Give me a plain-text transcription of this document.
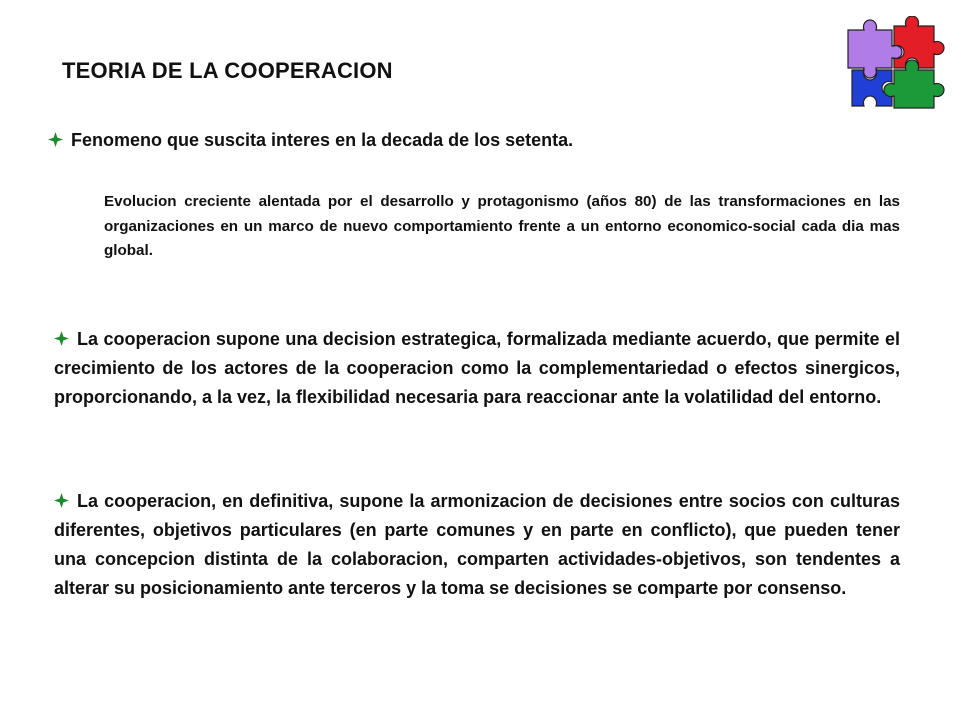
TEORIA DE LA COOPERACION
Fenomeno que suscita interes en la decada de los setenta.
Evolucion creciente alentada por el desarrollo y protagonismo (años 80) de las transformaciones en las organizaciones en un marco de nuevo comportamiento frente a un entorno economico-social cada dia mas global.
La cooperacion supone una decision estrategica, formalizada mediante acuerdo, que permite el crecimiento de los actores de la cooperacion como la complementariedad o efectos sinergicos, proporcionando, a la vez, la flexibilidad necesaria para reaccionar ante la volatilidad del entorno.
La cooperacion, en definitiva, supone la armonizacion de decisiones entre socios con culturas diferentes, objetivos particulares (en parte comunes y en parte en conflicto), que pueden tener una concepcion distinta de la colaboracion, comparten actividades-objetivos, son tendentes a alterar su posicionamiento ante terceros y la toma se decisiones se comparte por consenso.
